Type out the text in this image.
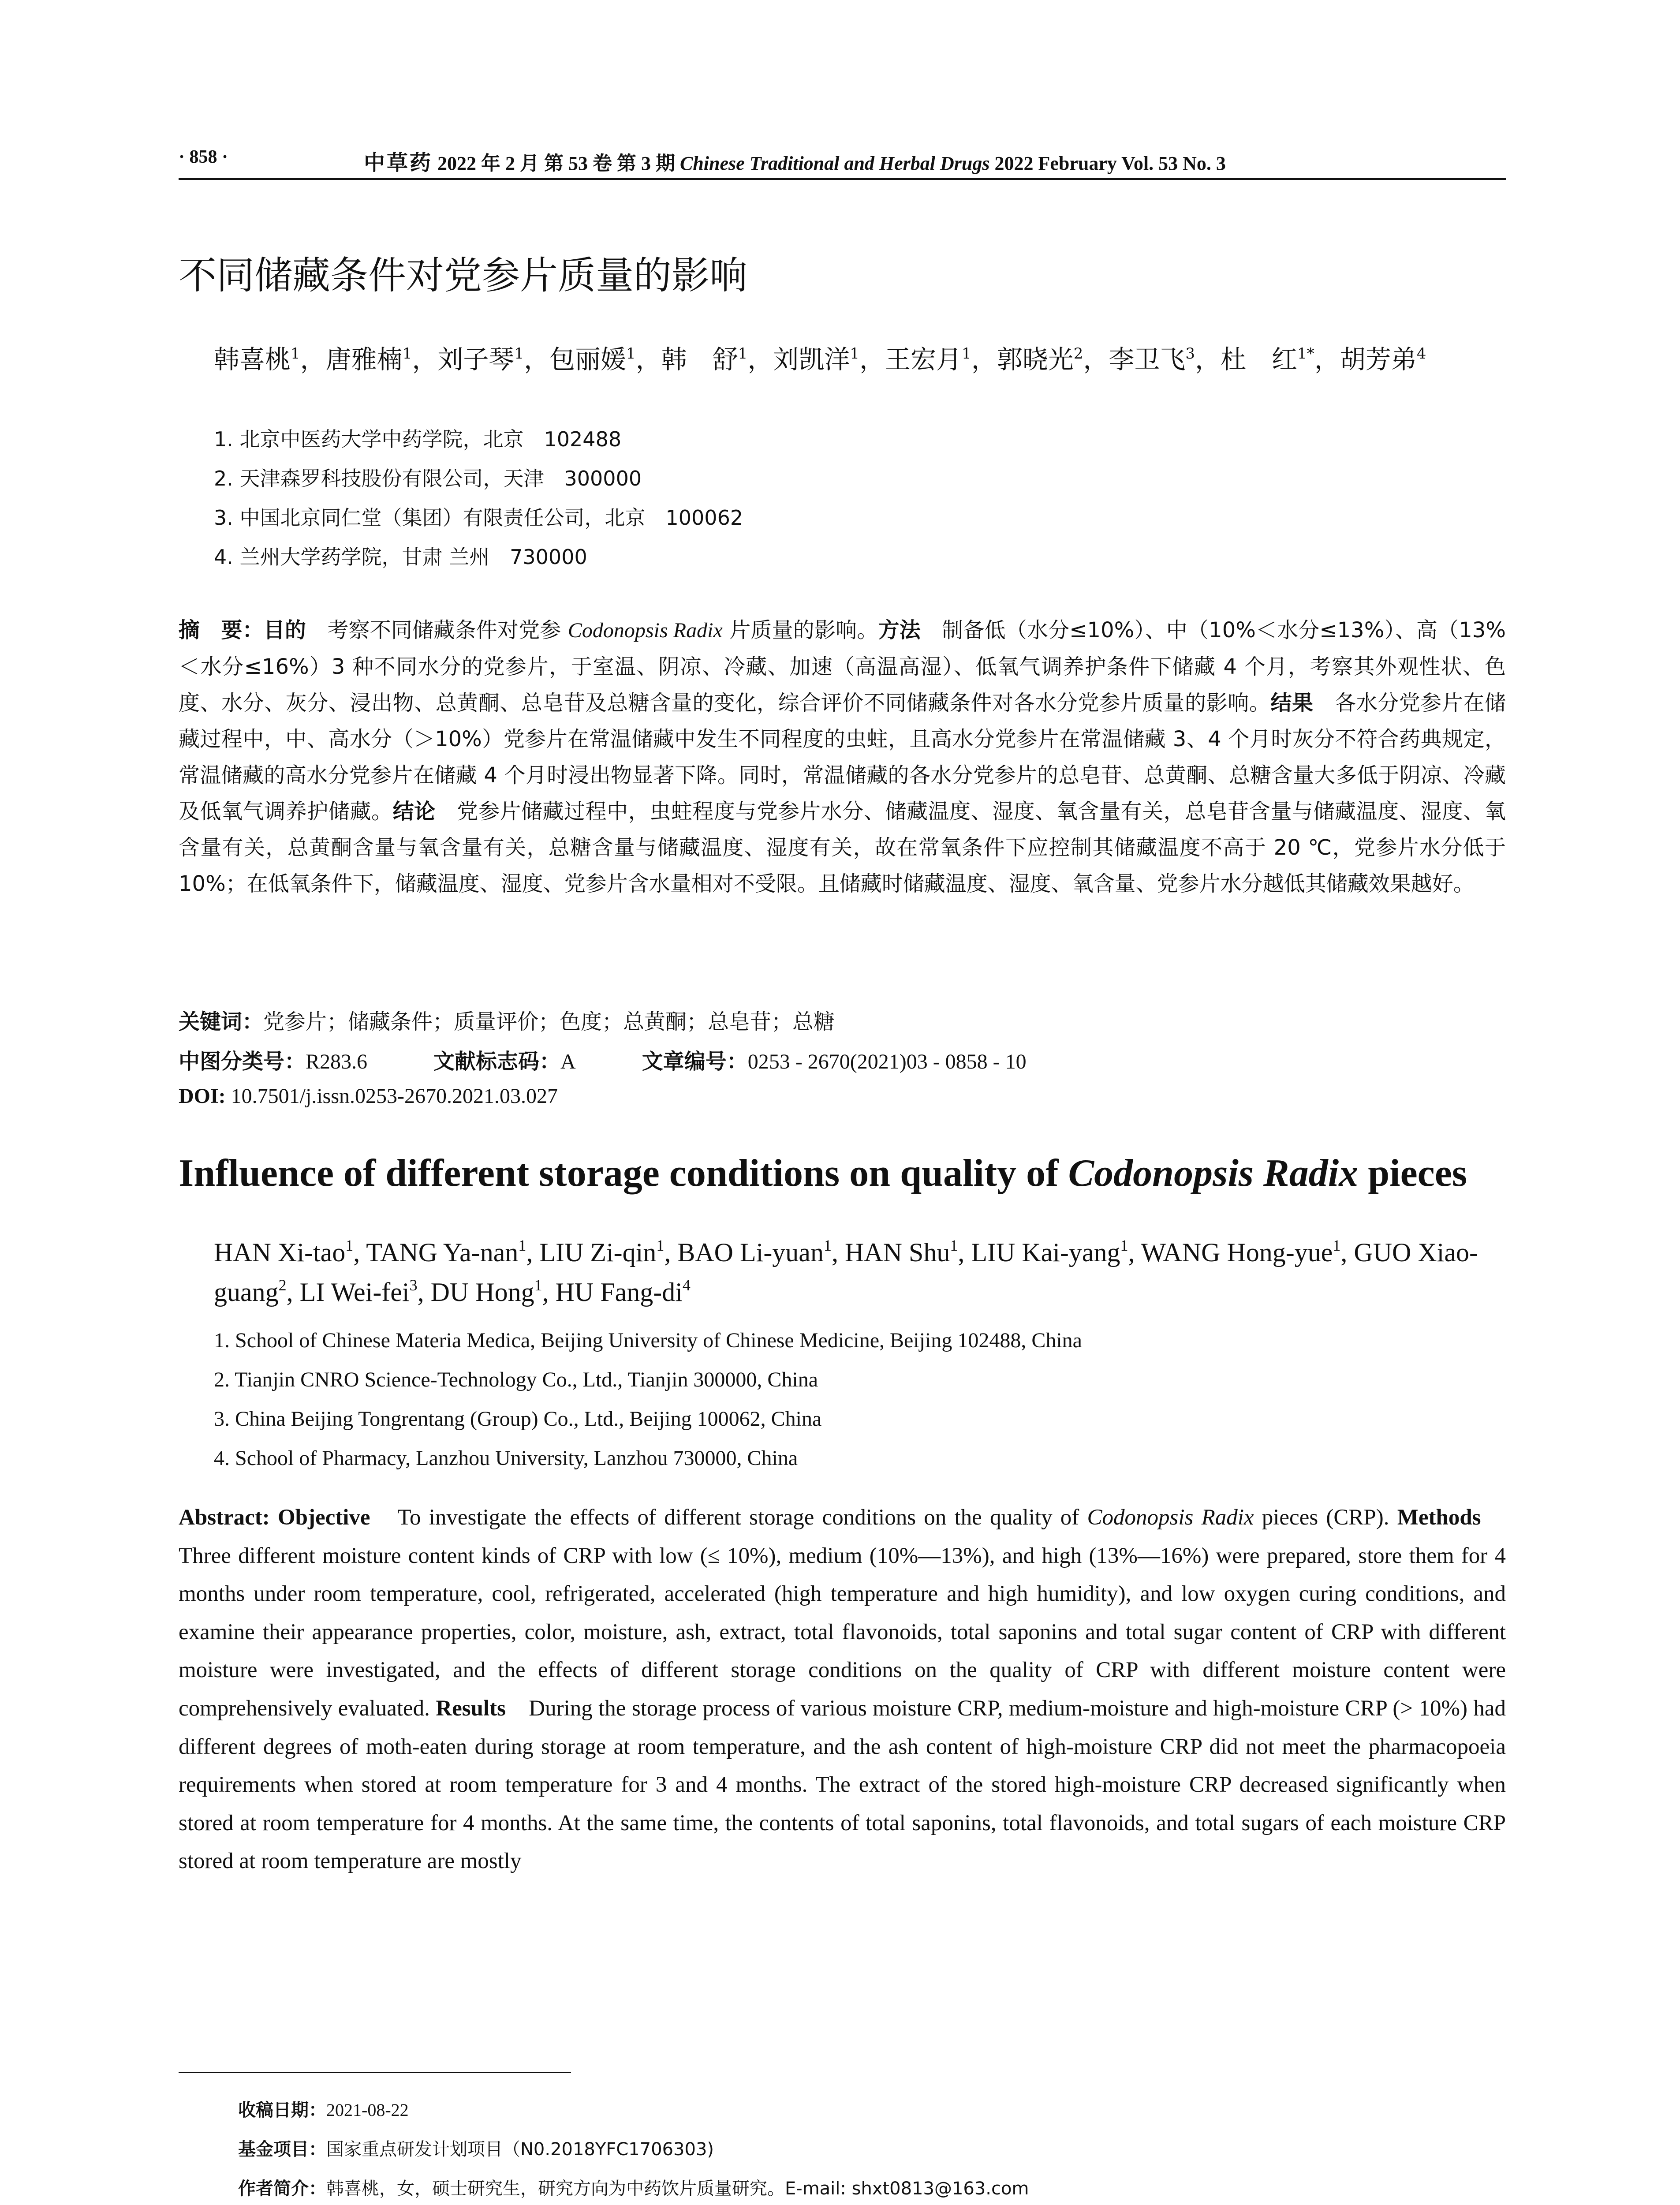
· 858 ·	中草药 2022 年 2 月 第 53 卷 第 3 期 Chinese Traditional and Herbal Drugs 2022 February Vol. 53 No. 3
不同储藏条件对党参片质量的影响
韩喜桃$^1$，唐雅楠$^1$，刘子琴$^1$，包丽媛$^1$，韩　舒$^1$，刘凯洋$^1$，王宏月$^1$，郭晓光$^2$，李卫飞$^3$，杜　红$^{1*}$，胡芳弟$^4$
1. 北京中医药大学中药学院，北京　102488
2. 天津森罗科技股份有限公司，天津　300000
3. 中国北京同仁堂（集团）有限责任公司，北京　100062
4. 兰州大学药学院，甘肃 兰州　730000
摘　要：目的　考察不同储藏条件对党参 Codonopsis Radix 片质量的影响。方法　制备低（水分≤10%）、中（10%＜水分≤13%）、高（13%＜水分≤16%）3 种不同水分的党参片，于室温、阴凉、冷藏、加速（高温高湿）、低氧气调养护条件下储藏 4 个月，考察其外观性状、色度、水分、灰分、浸出物、总黄酮、总皂苷及总糖含量的变化，综合评价不同储藏条件对各水分党参片质量的影响。结果　各水分党参片在储藏过程中，中、高水分（＞10%）党参片在常温储藏中发生不同程度的虫蛀，且高水分党参片在常温储藏 3、4 个月时灰分不符合药典规定，常温储藏的高水分党参片在储藏 4 个月时浸出物显著下降。同时，常温储藏的各水分党参片的总皂苷、总黄酮、总糖含量大多低于阴凉、冷藏及低氧气调养护储藏。结论　党参片储藏过程中，虫蛀程度与党参片水分、储藏温度、湿度、氧含量有关，总皂苷含量与储藏温度、湿度、氧含量有关，总黄酮含量与氧含量有关，总糖含量与储藏温度、湿度有关，故在常氧条件下应控制其储藏温度不高于 20 ℃，党参片水分低于 10%；在低氧条件下，储藏温度、湿度、党参片含水量相对不受限。且储藏时储藏温度、湿度、氧含量、党参片水分越低其储藏效果越好。
关键词：党参片；储藏条件；质量评价；色度；总黄酮；总皂苷；总糖
中图分类号：R283.6	文献标志码：A	文章编号：0253 - 2670(2021)03 - 0858 - 10
DOI: 10.7501/j.issn.0253-2670.2021.03.027
Influence of different storage conditions on quality of Codonopsis Radix pieces
HAN Xi-tao$^1$, TANG Ya-nan$^1$, LIU Zi-qin$^1$, BAO Li-yuan$^1$, HAN Shu$^1$, LIU Kai-yang$^1$, WANG Hong-yue$^1$, GUO Xiao-guang$^2$, LI Wei-fei$^3$, DU Hong$^1$, HU Fang-$di^4$
1. School of Chinese Materia Medica, Beijing University of Chinese Medicine, Beijing 102488, China
2. Tianjin CNRO Science-Technology Co., Ltd., Tianjin 300000, China
3. China Beijing Tongrentang (Group) Co., Ltd., Beijing 100062, China
4. School of Pharmacy, Lanzhou University, Lanzhou 730000, China
Abstract: Objective　To investigate the effects of different storage conditions on the quality of Codonopsis Radix pieces (CRP). Methods　Three different moisture content kinds of CRP with low (≤ 10%), medium (10%—13%), and high (13%—16%) were prepared, store them for 4 months under room temperature, cool, refrigerated, accelerated (high temperature and high humidity), and low oxygen curing conditions, and examine their appearance properties, color, moisture, ash, extract, total flavonoids, total saponins and total sugar content of CRP with different moisture were investigated, and the effects of different storage conditions on the quality of CRP with different moisture content were comprehensively evaluated. Results　During the storage process of various moisture CRP, medium-moisture and high-moisture CRP (> 10%) had different degrees of moth-eaten during storage at room temperature, and the ash content of high-moisture CRP did not meet the pharmacopoeia requirements when stored at room temperature for 3 and 4 months. The extract of the stored high-moisture CRP decreased significantly when stored at room temperature for 4 months. At the same time, the contents of total saponins, total flavonoids, and total sugars of each moisture CRP stored at room temperature are mostly
收稿日期：2021-08-22
基金项目：国家重点研发计划项目（N0.2018YFC1706303)
作者简介：韩喜桃，女，硕士研究生，研究方向为中药饮片质量研究。E-mail: shxt0813@163.com
